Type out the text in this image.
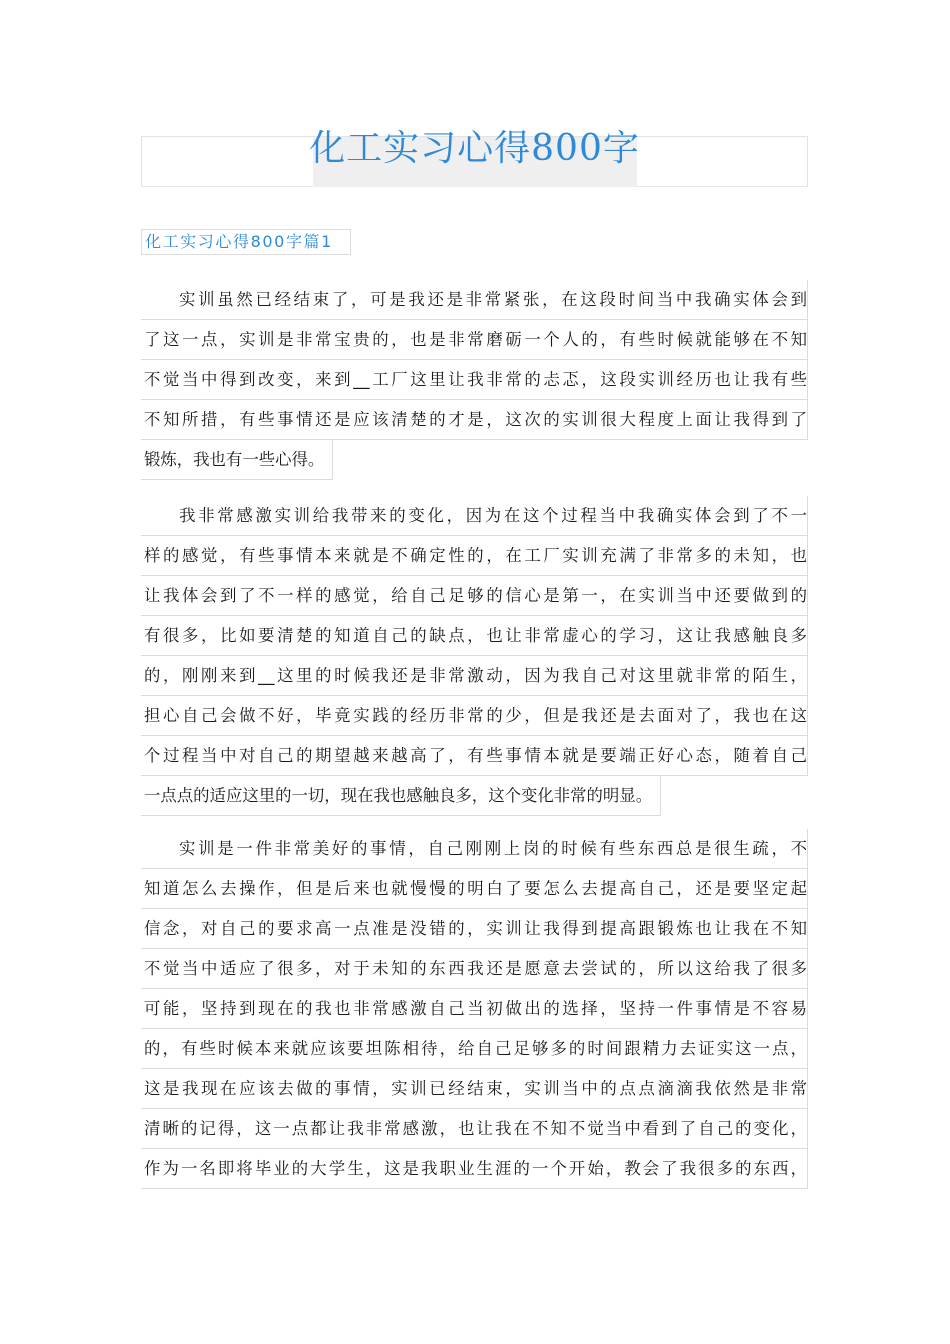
化工实习心得800字
化工实习心得800字篇1
实训虽然已经结束了，可是我还是非常紧张，在这段时间当中我确实体会到
了这一点，实训是非常宝贵的，也是非常磨砺一个人的，有些时候就能够在不知
不觉当中得到改变，来到__工厂这里让我非常的忐忑，这段实训经历也让我有些
不知所措，有些事情还是应该清楚的才是，这次的实训很大程度上面让我得到了
锻炼，我也有一些心得。
我非常感激实训给我带来的变化，因为在这个过程当中我确实体会到了不一
样的感觉，有些事情本来就是不确定性的，在工厂实训充满了非常多的未知，也
让我体会到了不一样的感觉，给自己足够的信心是第一，在实训当中还要做到的
有很多，比如要清楚的知道自己的缺点，也让非常虚心的学习，这让我感触良多
的，刚刚来到__这里的时候我还是非常激动，因为我自己对这里就非常的陌生，
担心自己会做不好，毕竟实践的经历非常的少，但是我还是去面对了，我也在这
个过程当中对自己的期望越来越高了，有些事情本就是要端正好心态，随着自己
一点点的适应这里的一切，现在我也感触良多，这个变化非常的明显。
实训是一件非常美好的事情，自己刚刚上岗的时候有些东西总是很生疏，不
知道怎么去操作，但是后来也就慢慢的明白了要怎么去提高自己，还是要坚定起
信念，对自己的要求高一点准是没错的，实训让我得到提高跟锻炼也让我在不知
不觉当中适应了很多，对于未知的东西我还是愿意去尝试的，所以这给我了很多
可能，坚持到现在的我也非常感激自己当初做出的选择，坚持一件事情是不容易
的，有些时候本来就应该要坦陈相待，给自己足够多的时间跟精力去证实这一点，
这是我现在应该去做的事情，实训已经结束，实训当中的点点滴滴我依然是非常
清晰的记得，这一点都让我非常感激，也让我在不知不觉当中看到了自己的变化，
作为一名即将毕业的大学生，这是我职业生涯的一个开始，教会了我很多的东西，
